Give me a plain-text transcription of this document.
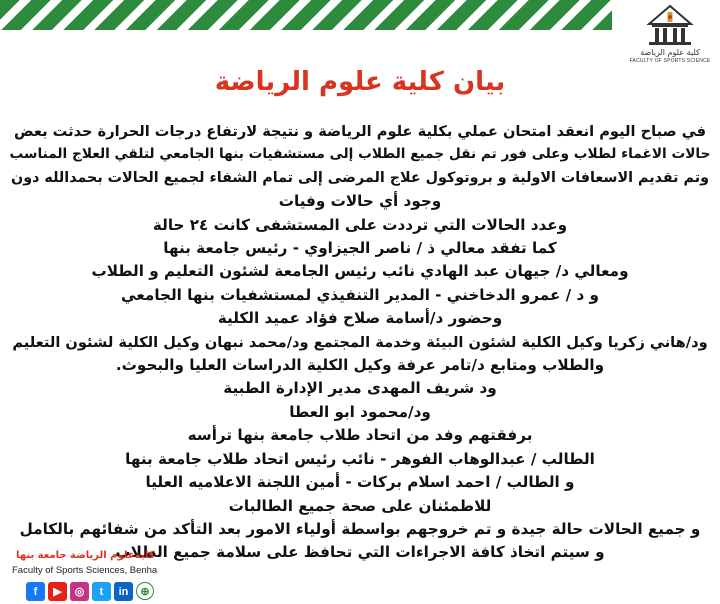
كلية علوم الرياضة
FACULTY OF SPORTS SCIENCE
بيان كلية علوم الرياضة
في صباح اليوم انعقد امتحان عملي بكلية علوم الرياضة و نتيجة لارتفاع درجات الحرارة حدثت بعض
حالات الاغماء لطلاب وعلى فور تم نقل جميع الطلاب إلى مستشفيات بنها الجامعي لتلقي العلاج المناسب
وتم تقديم الاسعافات الاولية و بروتوكول علاج المرضى إلى تمام الشفاء لجميع الحالات بحمدالله دون
وجود أي حالات وفيات
وعدد الحالات التي ترددت على المستشفى كانت ٢٤ حالة
كما تفقد معالي ذ / ناصر الجيزاوي - رئيس جامعة بنها
ومعالي د/ جيهان عبد الهادي نائب رئيس الجامعة لشئون التعليم و الطلاب
و د / عمرو الدخاخني - المدير التنفيذي لمستشفيات بنها الجامعي
وحضور د/أسامة صلاح فؤاد عميد الكلية
ود/هاني زكريا وكيل الكلية لشئون البيئة وخدمة المجتمع ود/محمد نبهان وكيل الكلية لشئون التعليم
والطلاب ومتابع د/تامر عرفة وكيل الكلية الدراسات العليا والبحوث.
ود شريف المهدى مدير الإدارة الطبية
ود/محمود ابو العطا
برفقتهم وفد من اتحاد طلاب جامعة بنها ترأسه
الطالب / عبدالوهاب الفوهر - نائب رئيس اتحاد طلاب جامعة بنها
و الطالب / احمد اسلام بركات - أمين اللجنة الاعلاميه العليا
للاطمئنان على صحة جميع الطالبات
و جميع الحالات حالة جيدة و تم خروجهم بواسطة أولياء الامور بعد التأكد من شفائهم بالكامل
و سيتم اتخاذ كافة الاجراءات التي تحافظ على سلامة جميع الطلاب
كليةعلوم الرياضة جامعة بنها
Faculty of Sports Sciences, Benha
f	▶	◎	t	in	⊕
